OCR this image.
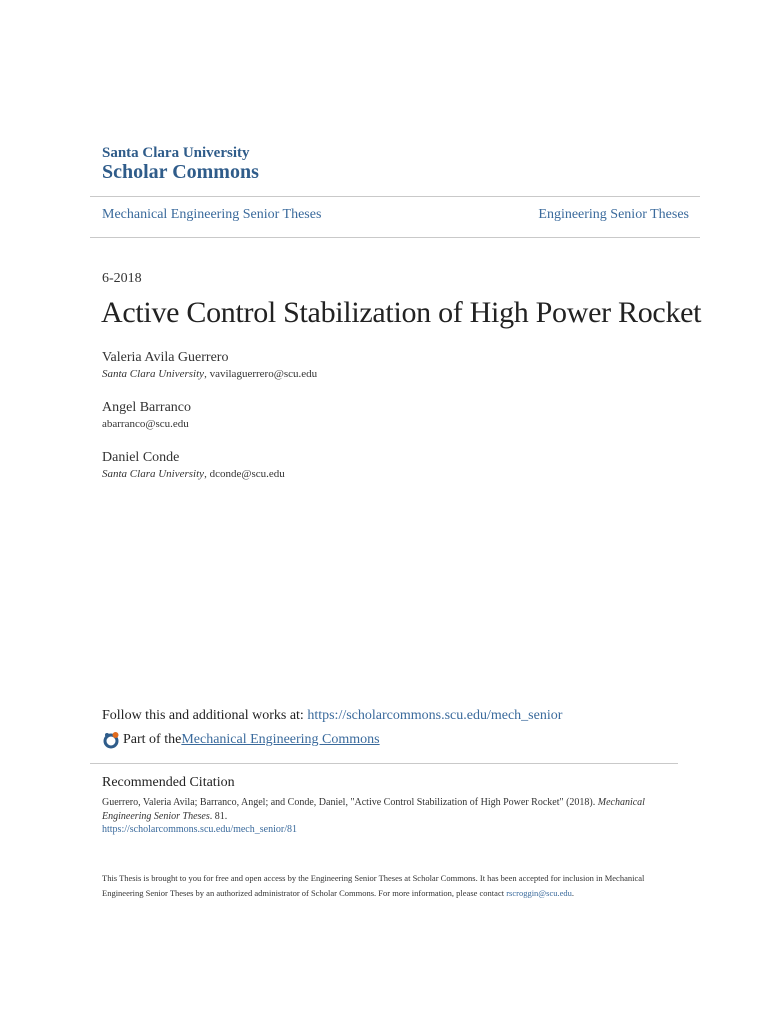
Santa Clara University
Scholar Commons
Mechanical Engineering Senior Theses	Engineering Senior Theses
6-2018
Active Control Stabilization of High Power Rocket
Valeria Avila Guerrero
Santa Clara University, vavilaguerrero@scu.edu
Angel Barranco
abarranco@scu.edu
Daniel Conde
Santa Clara University, dconde@scu.edu
Follow this and additional works at: https://scholarcommons.scu.edu/mech_senior
Part of the Mechanical Engineering Commons
Recommended Citation
Guerrero, Valeria Avila; Barranco, Angel; and Conde, Daniel, "Active Control Stabilization of High Power Rocket" (2018). Mechanical Engineering Senior Theses. 81.
https://scholarcommons.scu.edu/mech_senior/81
This Thesis is brought to you for free and open access by the Engineering Senior Theses at Scholar Commons. It has been accepted for inclusion in Mechanical Engineering Senior Theses by an authorized administrator of Scholar Commons. For more information, please contact rscroggin@scu.edu.
